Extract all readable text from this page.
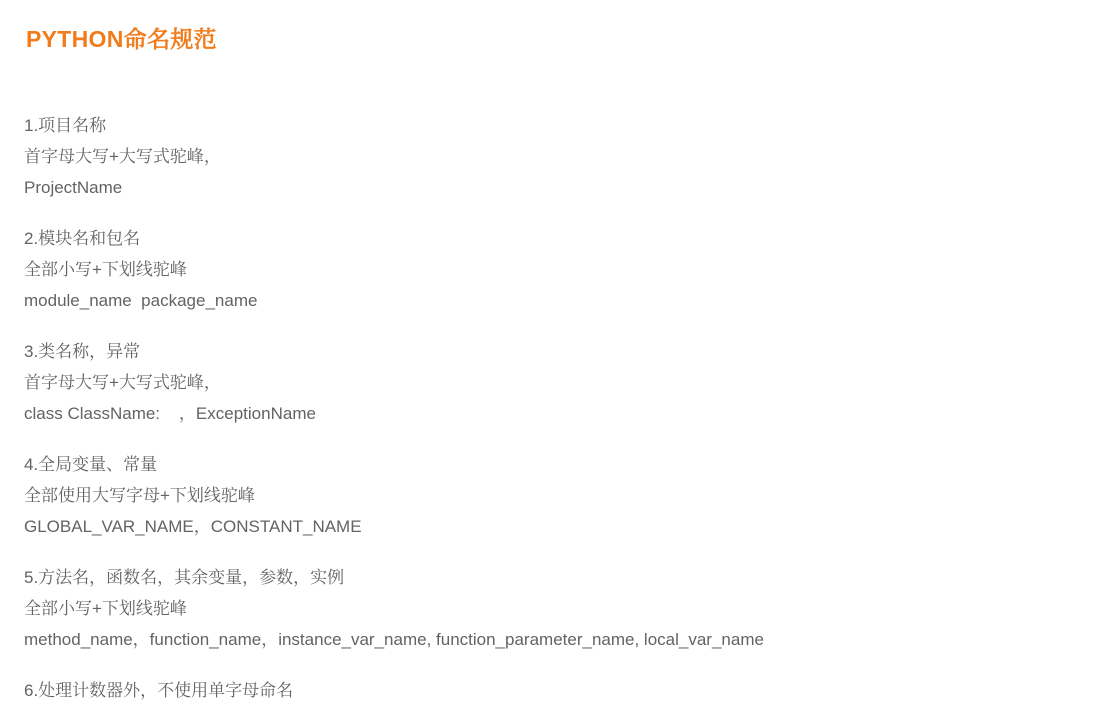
PYTHON命名规范
1.项目名称
首字母大写+大写式驼峰，
ProjectName
2.模块名和包名
全部小写+下划线驼峰
module_name  package_name
3.类名称，异常
首字母大写+大写式驼峰，
class ClassName:    ，ExceptionName
4.全局变量、常量
全部使用大写字母+下划线驼峰
GLOBAL_VAR_NAME，CONSTANT_NAME
5.方法名，函数名，其余变量，参数，实例
全部小写+下划线驼峰
method_name，function_name，instance_var_name, function_parameter_name, local_var_name
6.处理计数器外，不使用单字母命名
